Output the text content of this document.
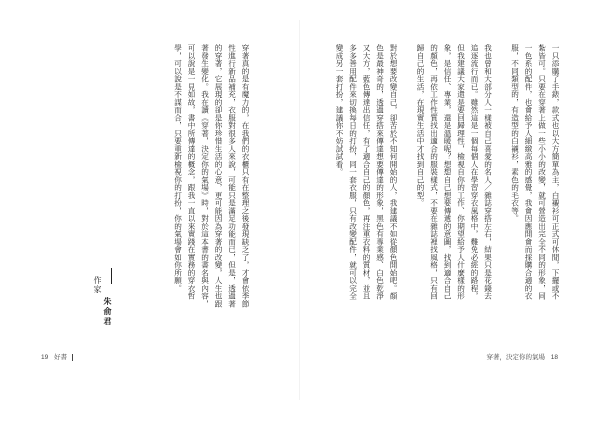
一只添購了手錶，款式也以大方簡單為主，白襯衫可正式可休閒，下擺或不紮皆可。只要在穿著上做一些小小的改變，就可營造出完全不同的形象，同一色系的配件，也會給予人細緻高雅的感覺，我會因應開會而採購合適的衣服，不同類型的，有造型的白襯衫，素色的毛衣等。

我也曾和大部分人一樣被自己喜愛的名人／雜誌穿搭左右，結果只是花錢去追逐流行而已。雖然這是一個每個人在學習穿衣風格中，難免必經的路程，但我建議大家還是要回歸理性，檢視自你的工作、你期望給予人什麼樣的形象，是信任、專業，還是溫暖呢？想想自己想要傳遞的意圖，找到適合自己的顏色，再依工作性質找出適合的服裝樣式，不要在雜誌裡找風格，只有回歸自己的生活，在現實生活中才找到自己的型。

對於想要改變自己，卻苦於不知何開始的人，我建議不如從顏色開始吧。顏色是最神奇的，透過穿搭來傳達想要傳達的形象，黑色有專業感、白色乾淨又大方，藍色傳達出信任，有了適合自己的顏色，再注重衣料的質材，並且多多善用配件來切換每日的打扮，同一套衣服，只有改變配件，就可以完全變成另一套打扮，建議你不妨試試看。

穿著，決定你的氣場 18

穿著真的是有魔力的，在我們的衣櫃只有在整理之後發現缺乏了，才會依季節性進行新品補充，衣服對很多人來說，可能只是滿足功能而已，但是，透過著的穿著，它展現的卻是你珍惜生活的心意，更可能因為穿著的改變，人生也跟著發生變化。我在讀《穿著，決定你的氣場》時，對於這本書的書名與內容，可以說是一見如故，書中所傳達的概念，跟我一直以來實踐在實務的穿衣哲學，可以說是不謀而合，只要重新檢視你的打扮，你的氣場會如你所願。

朱俞君 作家
19 好書
